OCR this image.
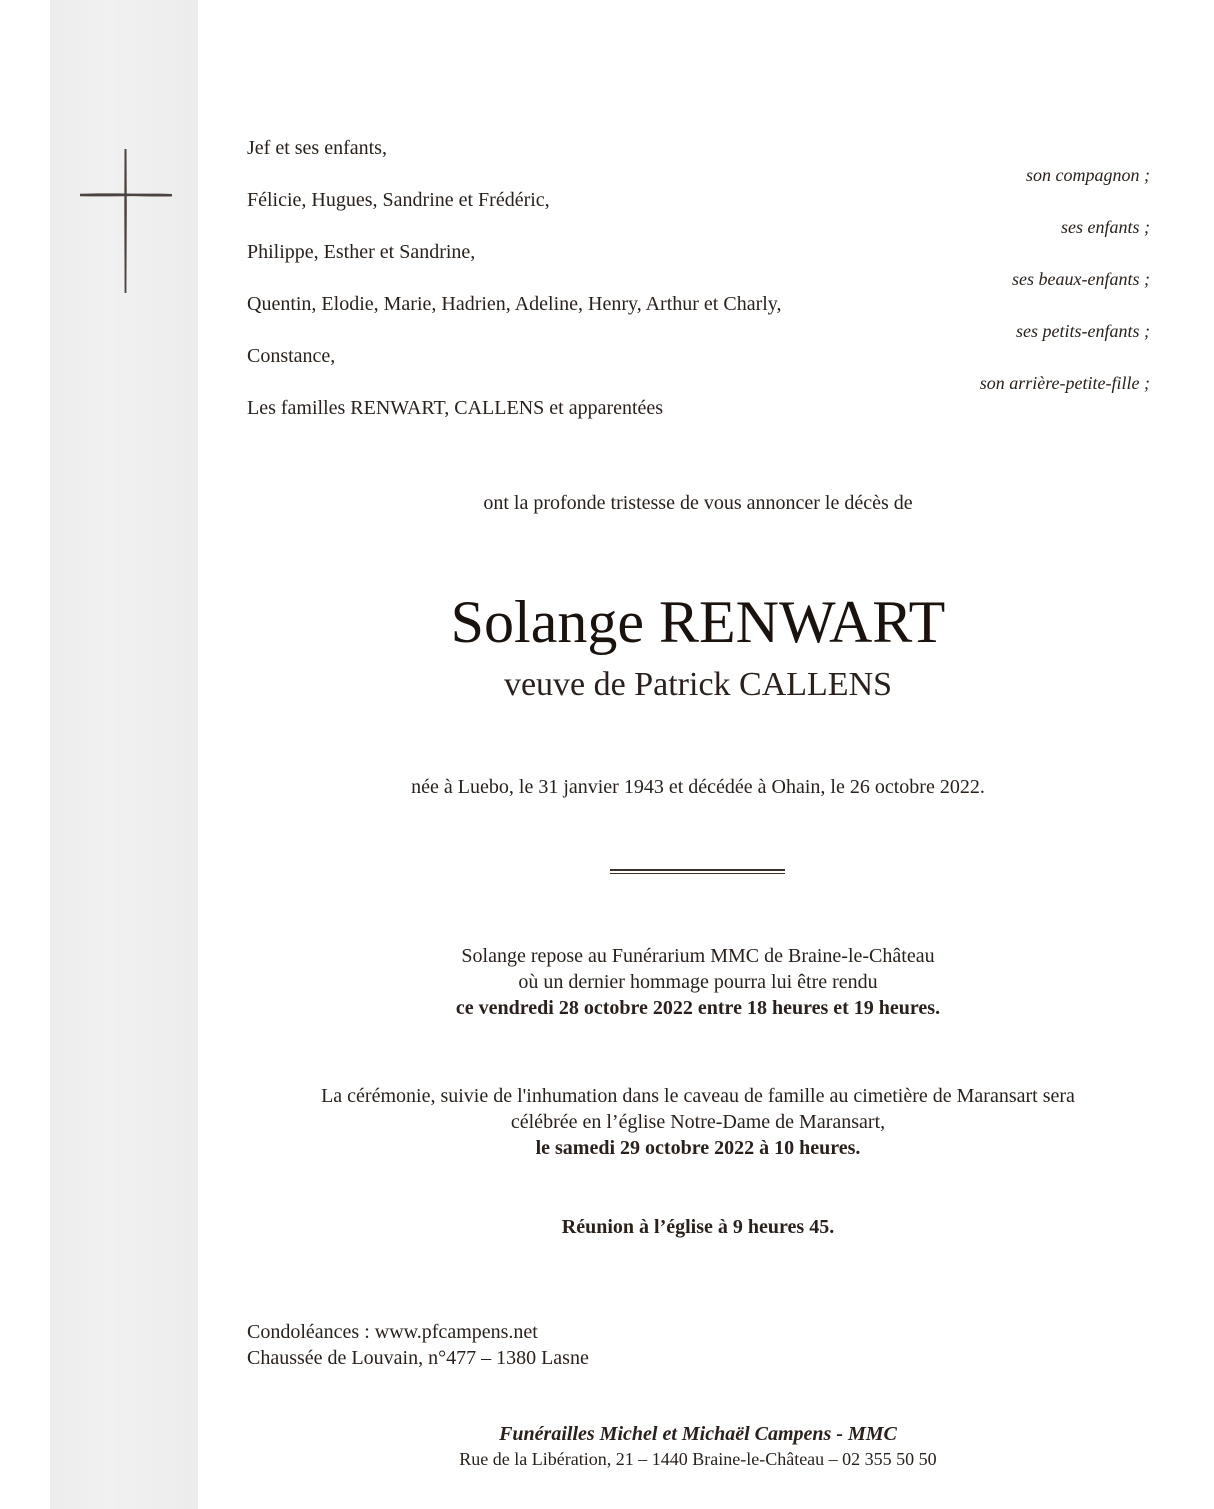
Jef et ses enfants,
son compagnon ;
Félicie, Hugues, Sandrine et Frédéric,
ses enfants ;
Philippe, Esther et Sandrine,
ses beaux-enfants ;
Quentin, Elodie, Marie, Hadrien, Adeline, Henry, Arthur et Charly,
ses petits-enfants ;
Constance,
son arrière-petite-fille ;
Les familles RENWART, CALLENS et apparentées
ont la profonde tristesse de vous annoncer le décès de
Solange RENWART
veuve de Patrick CALLENS
née à Luebo, le 31 janvier 1943 et décédée à Ohain, le 26 octobre 2022.
Solange repose au Funérarium MMC de Braine-le-Château
où un dernier hommage pourra lui être rendu
ce vendredi 28 octobre 2022 entre 18 heures et 19 heures.
La cérémonie, suivie de l'inhumation dans le caveau de famille au cimetière de Maransart sera
célébrée en l’église Notre-Dame de Maransart,
le samedi 29 octobre 2022 à 10 heures.
Réunion à l’église à 9 heures 45.
Condoléances : www.pfcampens.net
Chaussée de Louvain, n°477 – 1380 Lasne
Funérailles Michel et Michaël Campens - MMC
Rue de la Libération, 21 – 1440 Braine-le-Château – 02 355 50 50
